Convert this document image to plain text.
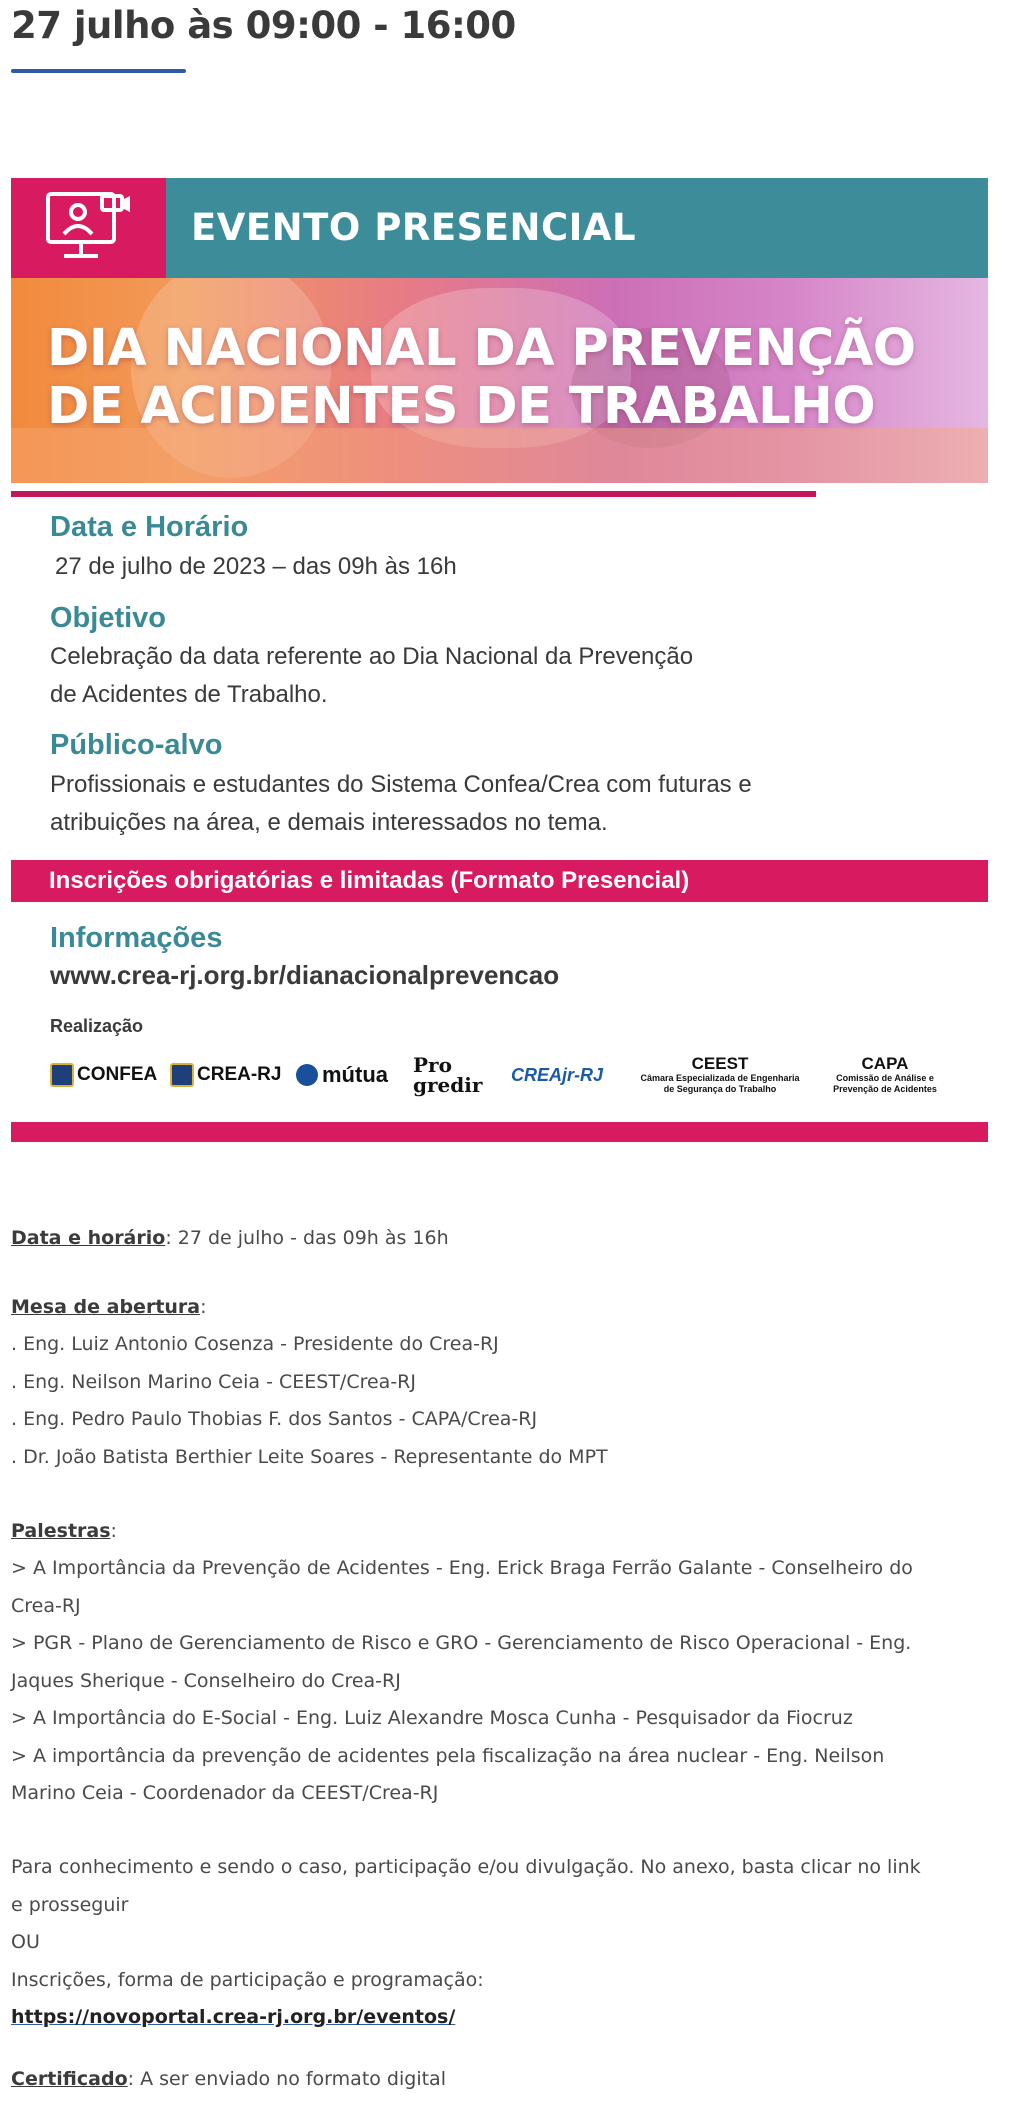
27 julho às 09:00 - 16:00
EVENTO PRESENCIAL
DIA NACIONAL DA PREVENÇÃO
DE ACIDENTES DE TRABALHO
Data e Horário
27 de julho de 2023 – das 09h às 16h
Objetivo
Celebração da data referente ao Dia Nacional da Prevenção
de Acidentes de Trabalho.
Público-alvo
Profissionais e estudantes do Sistema Confea/Crea com futuras e
atribuições na área, e demais interessados no tema.
Inscrições obrigatórias e limitadas (Formato Presencial)
Informações
www.crea-rj.org.br/dianacionalprevencao
Realização
CONFEA CREA-RJ mútua Pro
gredir CREAjr-RJ
CEEST
Câmara Especializada de Engenharia
de Segurança do Trabalho
CAPA
Comissão de Análise e
Prevenção de Acidentes
Data e horário: 27 de julho - das 09h às 16h
Mesa de abertura:
. Eng. Luiz Antonio Cosenza - Presidente do Crea-RJ
. Eng. Neilson Marino Ceia - CEEST/Crea-RJ
. Eng. Pedro Paulo Thobias F. dos Santos - CAPA/Crea-RJ
. Dr. João Batista Berthier Leite Soares - Representante do MPT
Palestras:
> A Importância da Prevenção de Acidentes - Eng. Erick Braga Ferrão Galante - Conselheiro do
Crea-RJ
> PGR - Plano de Gerenciamento de Risco e GRO - Gerenciamento de Risco Operacional - Eng.
Jaques Sherique - Conselheiro do Crea-RJ
> A Importância do E-Social - Eng. Luiz Alexandre Mosca Cunha - Pesquisador da Fiocruz
> A importância da prevenção de acidentes pela fiscalização na área nuclear - Eng. Neilson
Marino Ceia - Coordenador da CEEST/Crea-RJ
Para conhecimento e sendo o caso, participação e/ou divulgação. No anexo, basta clicar no link
e prosseguir
OU
Inscrições, forma de participação e programação:
https://novoportal.crea-rj.org.br/eventos/
Certificado: A ser enviado no formato digital
